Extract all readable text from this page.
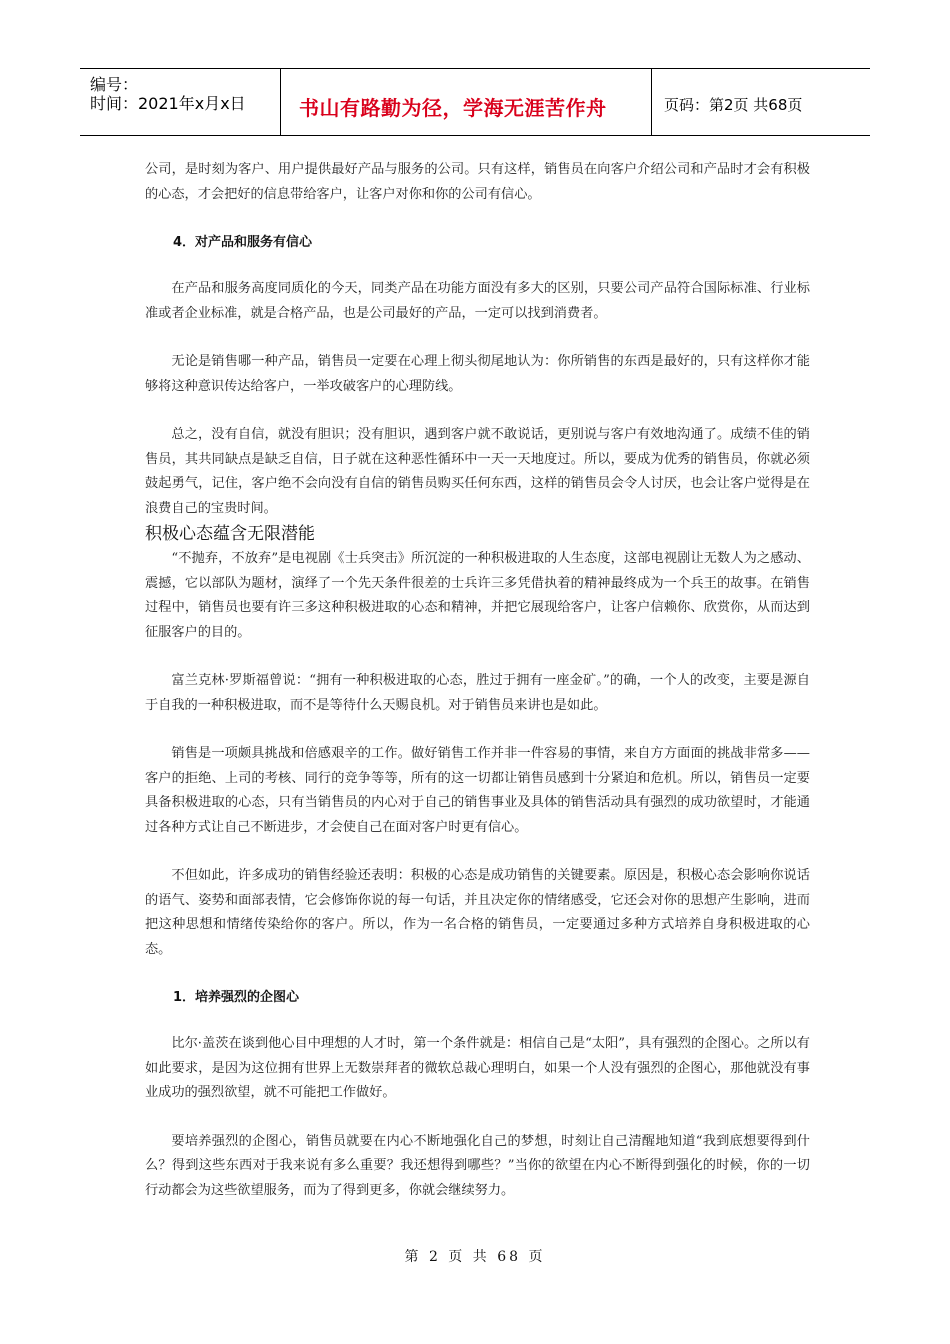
编号：
时间：2021年x月x日	书山有路勤为径，学海无涯苦作舟	页码：第2页 共68页

公司，是时刻为客户、用户提供最好产品与服务的公司。只有这样，销售员在向客户介绍公司和产品时才会有积极的心态，才会把好的信息带给客户，让客户对你和你的公司有信心。

4．对产品和服务有信心

在产品和服务高度同质化的今天，同类产品在功能方面没有多大的区别，只要公司产品符合国际标准、行业标准或者企业标准，就是合格产品，也是公司最好的产品，一定可以找到消费者。

无论是销售哪一种产品，销售员一定要在心理上彻头彻尾地认为：你所销售的东西是最好的，只有这样你才能够将这种意识传达给客户，一举攻破客户的心理防线。

总之，没有自信，就没有胆识；没有胆识，遇到客户就不敢说话，更别说与客户有效地沟通了。成绩不佳的销售员，其共同缺点是缺乏自信，日子就在这种恶性循环中一天一天地度过。所以，要成为优秀的销售员，你就必须鼓起勇气，记住，客户绝不会向没有自信的销售员购买任何东西，这样的销售员会令人讨厌，也会让客户觉得是在浪费自己的宝贵时间。

积极心态蕴含无限潜能

“不抛弃，不放弃”是电视剧《士兵突击》所沉淀的一种积极进取的人生态度，这部电视剧让无数人为之感动、震撼，它以部队为题材，演绎了一个先天条件很差的士兵许三多凭借执着的精神最终成为一个兵王的故事。在销售过程中，销售员也要有许三多这种积极进取的心态和精神，并把它展现给客户，让客户信赖你、欣赏你，从而达到征服客户的目的。

富兰克林·罗斯福曾说：“拥有一种积极进取的心态，胜过于拥有一座金矿。”的确，一个人的改变，主要是源自于自我的一种积极进取，而不是等待什么天赐良机。对于销售员来讲也是如此。

销售是一项颇具挑战和倍感艰辛的工作。做好销售工作并非一件容易的事情，来自方方面面的挑战非常多——客户的拒绝、上司的考核、同行的竞争等等，所有的这一切都让销售员感到十分紧迫和危机。所以，销售员一定要具备积极进取的心态，只有当销售员的内心对于自己的销售事业及具体的销售活动具有强烈的成功欲望时，才能通过各种方式让自己不断进步，才会使自己在面对客户时更有信心。

不但如此，许多成功的销售经验还表明：积极的心态是成功销售的关键要素。原因是，积极心态会影响你说话的语气、姿势和面部表情，它会修饰你说的每一句话，并且决定你的情绪感受，它还会对你的思想产生影响，进而把这种思想和情绪传染给你的客户。所以，作为一名合格的销售员，一定要通过多种方式培养自身积极进取的心态。

1．培养强烈的企图心

比尔·盖茨在谈到他心目中理想的人才时，第一个条件就是：相信自己是“太阳”，具有强烈的企图心。之所以有如此要求，是因为这位拥有世界上无数崇拜者的微软总裁心理明白，如果一个人没有强烈的企图心，那他就没有事业成功的强烈欲望，就不可能把工作做好。

要培养强烈的企图心，销售员就要在内心不断地强化自己的梦想，时刻让自己清醒地知道“我到底想要得到什么？得到这些东西对于我来说有多么重要？我还想得到哪些？”当你的欲望在内心不断得到强化的时候，你的一切行动都会为这些欲望服务，而为了得到更多，你就会继续努力。

第 2 页 共 68 页
